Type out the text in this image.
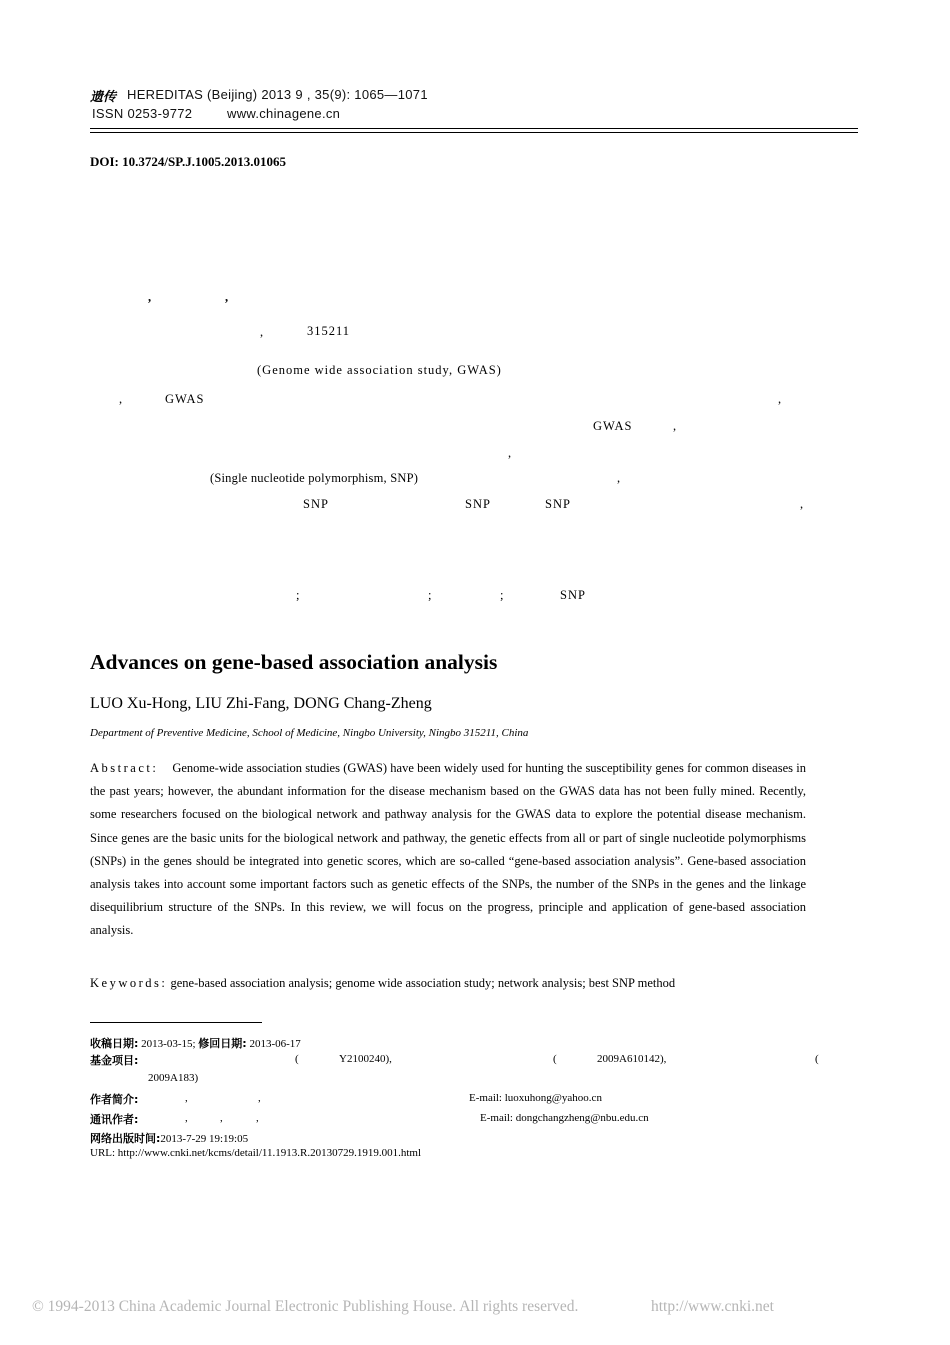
遗传 HEREDITAS (Beijing) 2013 9 , 35(9): 1065―1071
ISSN 0253-9772	www.chinagene.cn
DOI: 10.3724/SP.J.1005.2013.01065
,	,
,	315211
(Genome wide association study, GWAS)
,	GWAS	,
GWAS	,
,
(Single nucleotide polymorphism, SNP)	,
SNP	SNP	SNP	,
;	;	;	SNP
Advances on gene-based association analysis
LUO Xu-Hong, LIU Zhi-Fang, DONG Chang-Zheng
Department of Preventive Medicine, School of Medicine, Ningbo University, Ningbo 315211, China
Abstract: Genome-wide association studies (GWAS) have been widely used for hunting the susceptibility genes for common diseases in the past years; however, the abundant information for the disease mechanism based on the GWAS data has not been fully mined. Recently, some researchers focused on the biological network and pathway analysis for the GWAS data to explore the potential disease mechanism. Since genes are the basic units for the biological network and pathway, the genetic effects from all or part of single nucleotide polymorphisms (SNPs) in the genes should be integrated into genetic scores, which are so-called “gene-based association analysis”. Gene-based association analysis takes into account some important factors such as genetic effects of the SNPs, the number of the SNPs in the genes and the linkage disequilibrium structure of the SNPs. In this review, we will focus on the progress, principle and application of gene-based association analysis.
Keywords: gene-based association analysis; genome wide association study; network analysis; best SNP method
收稿日期: 2013-03-15; 修回日期: 2013-06-17
基金项目:	(	Y2100240),	(	2009A610142),	(
2009A183)
作者简介:	,	,	E-mail: luoxuhong@yahoo.cn
通讯作者:	,	,	,	E-mail: dongchangzheng@nbu.edu.cn
网络出版时间:2013-7-29 19:19:05
URL: http://www.cnki.net/kcms/detail/11.1913.R.20130729.1919.001.html
© 1994-2013 China Academic Journal Electronic Publishing House. All rights reserved.	http://www.cnki.net
